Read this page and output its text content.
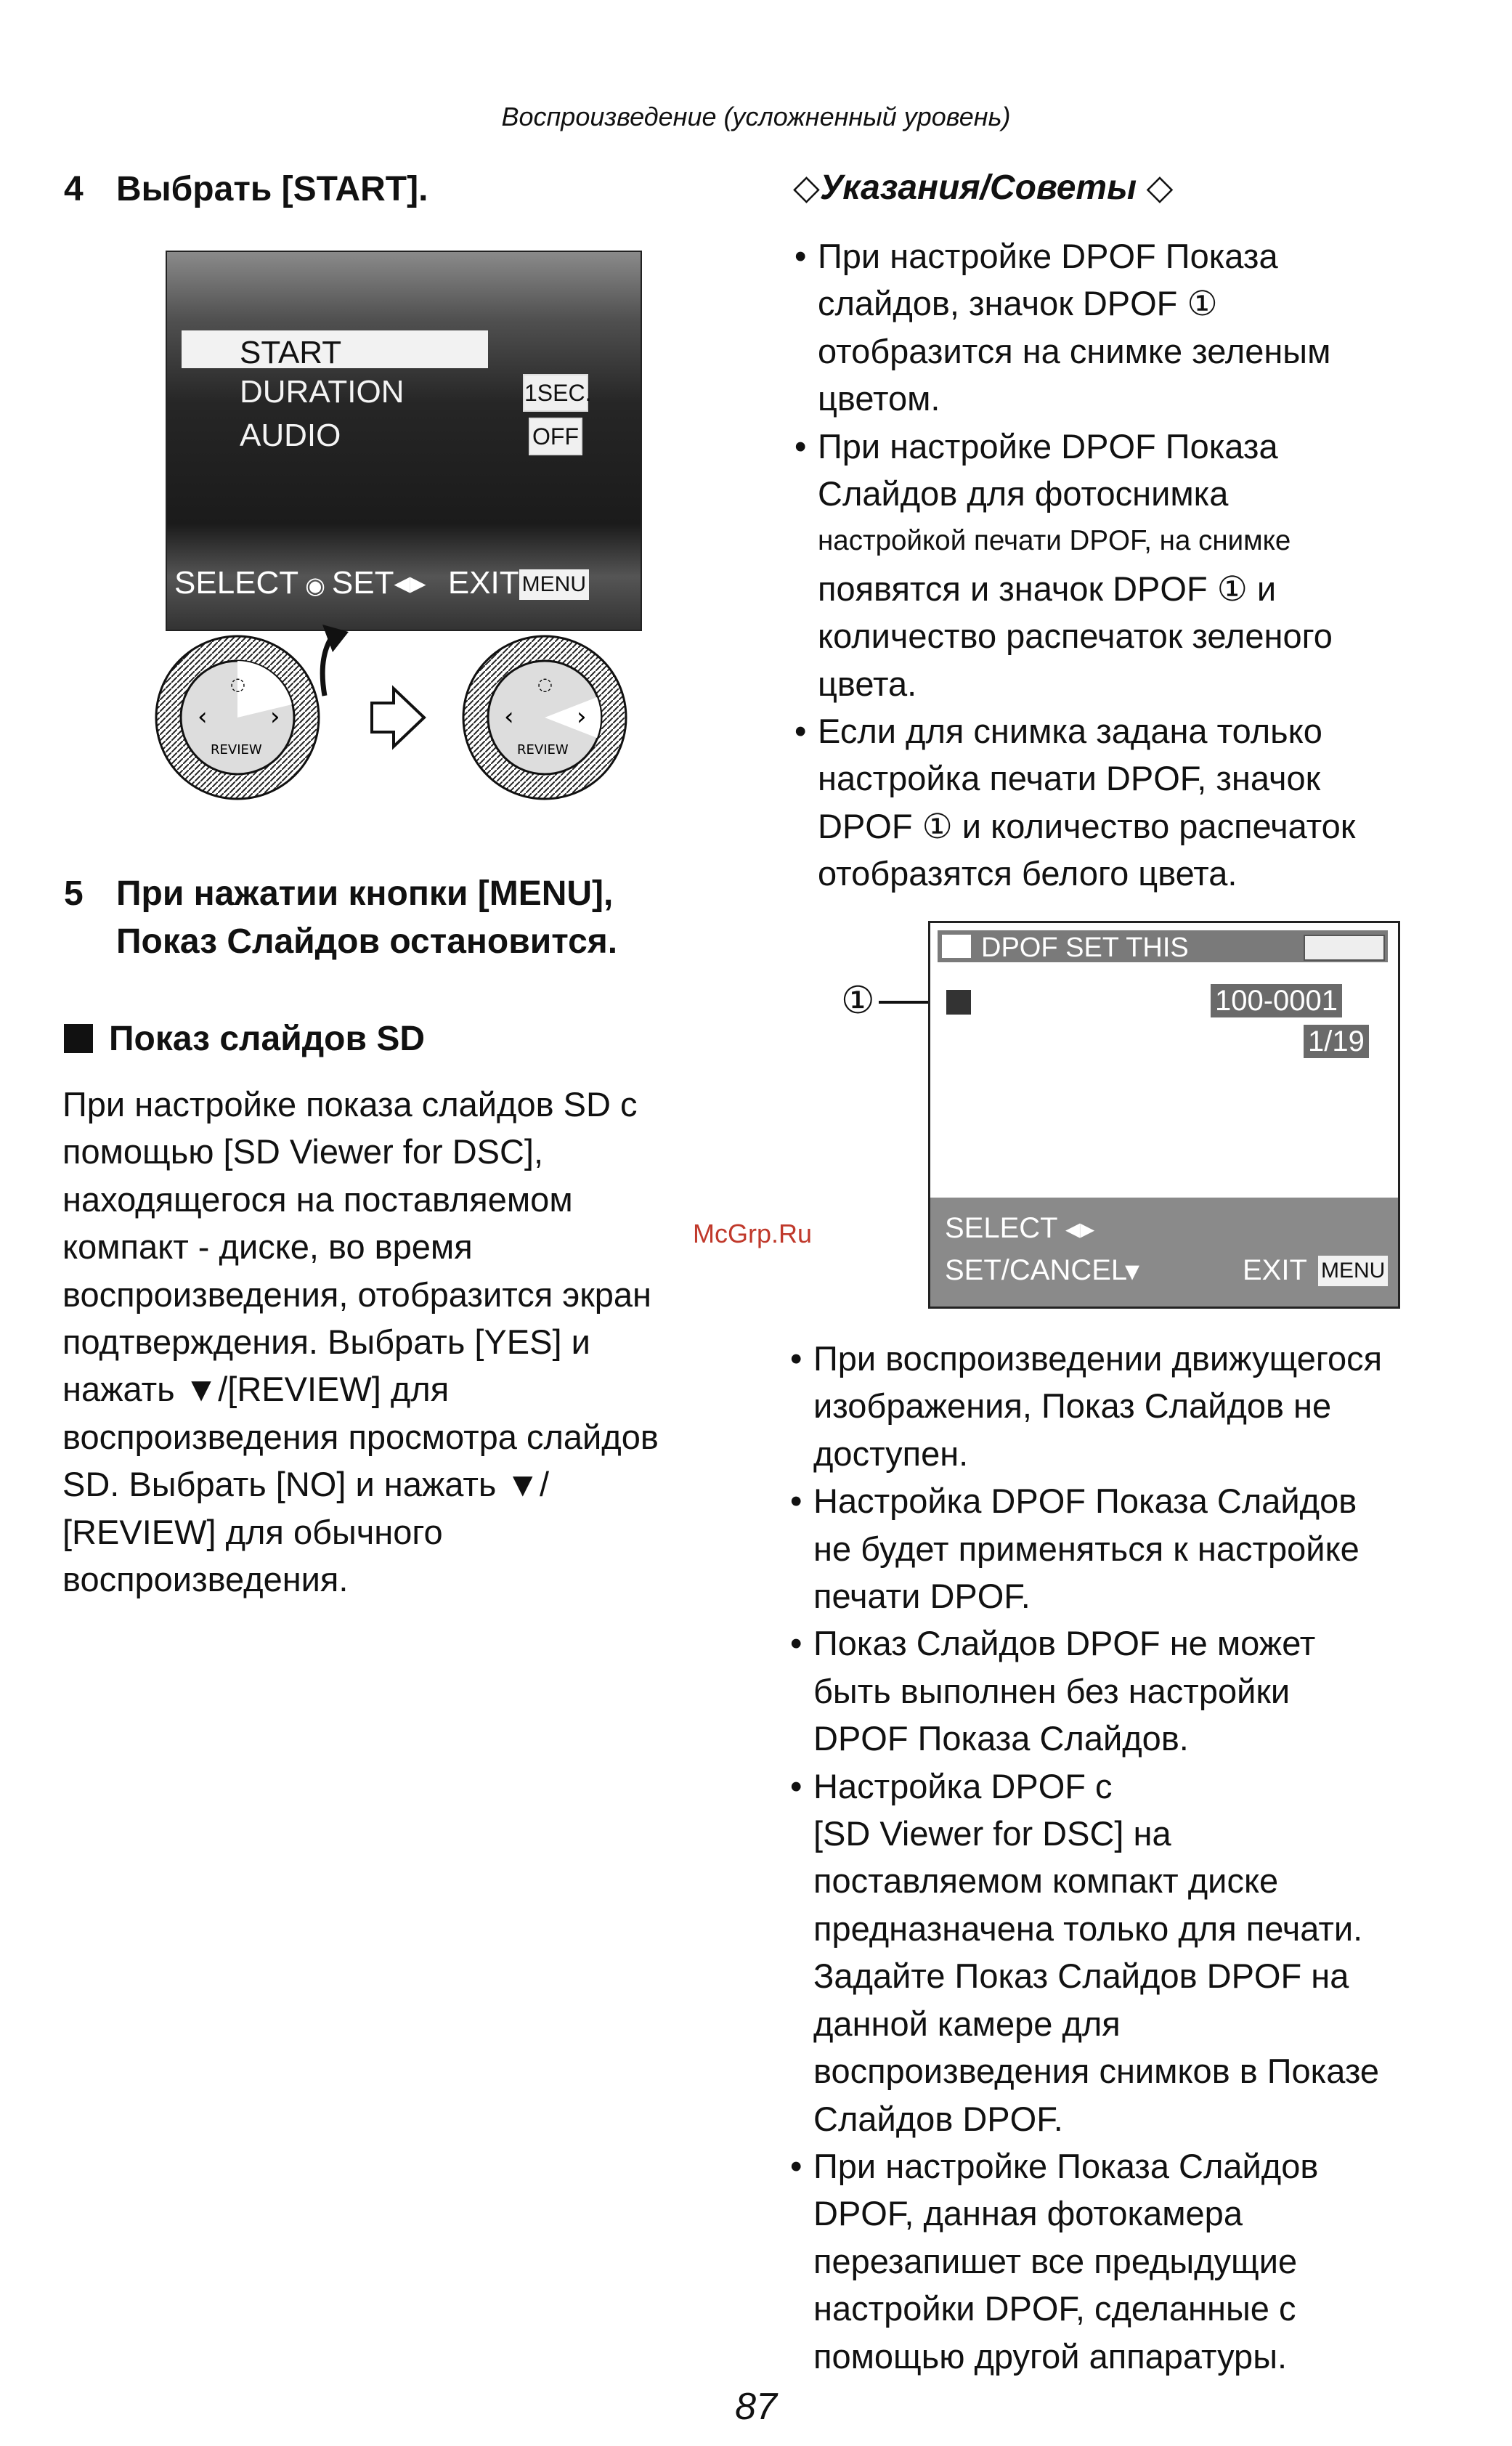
Воспроизведение (усложненный уровень)
4 Выбрать [START].
START
DURATION	1SEC.
AUDIO	OFF
SELECT ◉ SET◂▸ EXIT MENU
‹	›
◌
REVIEW
‹	›
◌
REVIEW
5 При нажатии кнопки [MENU],
Показ Слайдов остановится.
Показ слайдов SD
При настройке показа слайдов SD с
помощью [SD Viewer for DSC],
находящегося на поставляемом
компакт - диске, во время
воспроизведения, отобразится экран
подтверждения. Выбрать [YES] и
нажать ▼/[REVIEW] для
воспроизведения просмотра слайдов
SD. Выбрать [NO] и нажать ▼/
[REVIEW] для обычного
воспроизведения.
◇Указания/Советы ◇
• При настройке DPOF Показа
слайдов, значок DPOF ①
отобразится на снимке зеленым
цветом.
• При настройке DPOF Показа
Слайдов для фотоснимка
настройкой печати DPOF, на снимке
появятся и значок DPOF ① и
количество распечаток зеленого
цвета.
• Если для снимка задана только
настройка печати DPOF, значок
DPOF ① и количество распечаток
отобразятся белого цвета.
①
DPOF SET THIS
100-0001
1/19
SELECT ◂▸
SET/CANCEL
▾	EXIT MENU
McGrp.Ru
• При воспроизведении движущегося
изображения, Показ Слайдов не
доступен.
• Настройка DPOF Показа Слайдов
не будет применяться к настройке
печати DPOF.
• Показ Слайдов DPOF не может
быть выполнен без настройки
DPOF Показа Слайдов.
• Настройка DPOF с
[SD Viewer for DSC] на
поставляемом компакт диске
предназначена только для печати.
Задайте Показ Слайдов DPOF на
данной камере для
воспроизведения снимков в Показе
Слайдов DPOF.
• При настройке Показа Слайдов
DPOF, данная фотокамера
перезапишет все предыдущие
настройки DPOF, сделанные с
помощью другой аппаратуры.
87
